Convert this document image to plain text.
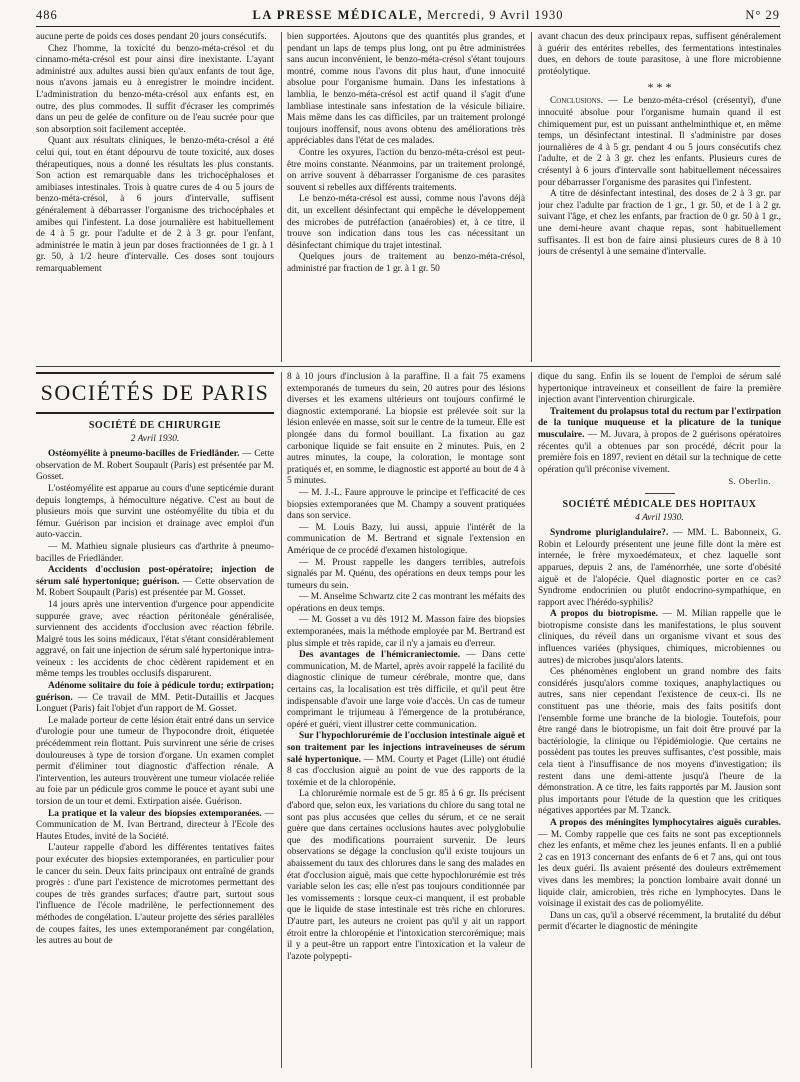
486	LA PRESSE MÉDICALE, Mercredi, 9 Avril 1930	N° 29

aucune perte de poids ces doses pendant 20 jours consécutifs.

Chez l'homme, la toxicité du benzo-méta-crésol et du cinnamo-méta-crésol est pour ainsi dire inexistante. L'ayant administré aux adultes aussi bien qu'aux enfants de tout âge, nous n'avons jamais eu à enregistrer le moindre incident. L'administration du benzo-méta-crésol aux enfants est, en outre, des plus commodes. Il suffit d'écraser les comprimés dans un peu de gelée de confiture ou de l'eau sucrée pour que son absorption soit facilement acceptée.

Quant aux résultats cliniques, le benzo-méta-crésol a été celui qui, tout en étant dépourvu de toute toxicité, aux doses thérapeutiques, nous a donné les résultats les plus constants. Son action est remarquable dans les trichocéphaloses et amibiases intestinales. Trois à quatre cures de 4 ou 5 jours de benzo-méta-crésol, à 6 jours d'intervalle, suffisent généralement à débarrasser l'organisme des trichocéphales et amibes qui l'infestent. La dose journalière est habituellement de 4 à 5 gr. pour l'adulte et de 2 à 3 gr. pour l'enfant, administrée le matin à jeun par doses fractionnées de 1 gr. à 1 gr. 50, à 1/2 heure d'intervalle. Ces doses sont toujours remarquablement

bien supportées. Ajoutons que des quantités plus grandes, et pendant un laps de temps plus long, ont pu être administrées sans aucun inconvénient, le benzo-méta-crésol s'étant toujours montré, comme nous l'avons dit plus haut, d'une innocuité absolue pour l'organisme humain. Dans les infestations à lamblia, le benzo-méta-crésol est actif quand il s'agit d'une lambliase intestinale sans infestation de la vésicule biliaire. Mais même dans les cas difficiles, par un traitement prolongé toujours inoffensif, nous avons obtenu des améliorations très appréciables dans l'état de ces malades.

Contre les oxyures, l'action du benzo-méta-crésol est peut-être moins constante. Néanmoins, par un traitement prolongé, on arrive souvent à débarrasser l'organisme de ces parasites souvent si rebelles aux différents traitements.

Le benzo-méta-crésol est aussi, comme nous l'avons déjà dit, un excellent désinfectant qui empêche le développement des microbes de putréfaction (anaérobies) et, à ce titre, il trouve son indication dans tous les cas nécessitant un désinfectant chimique du trajet intestinal.

Quelques jours de traitement au benzo-méta-crésol, administré par fraction de 1 gr. à 1 gr. 50

avant chacun des deux principaux repas, suffisent généralement à guérir des entérites rebelles, des fermentations intestinales dues, en dehors de toute parasitose, à une flore microbienne protéolytique.

* * *

Conclusions. — Le benzo-méta-crésol (crésentyl), d'une innocuité absolue pour l'organisme humain quand il est chimiquement pur, est un puissant anthelminthique et, en même temps, un désinfectant intestinal. Il s'administre par doses journalières de 4 à 5 gr. pendant 4 ou 5 jours consécutifs chez l'adulte, et de 2 à 3 gr. chez les enfants. Plusieurs cures de crésentyl à 6 jours d'intervalle sont habituellement nécessaires pour débarrasser l'organisme des parasites qui l'infestent.

A titre de désinfectant intestinal, des doses de 2 à 3 gr. par jour chez l'adulte par fraction de 1 gr., 1 gr. 50, et de 1 à 2 gr. suivant l'âge, et chez les enfants, par fraction de 0 gr. 50 à 1 gr., une demi-heure avant chaque repas, sont habituellement suffisantes. Il est bon de faire ainsi plusieurs cures de 8 à 10 jours de crésentyl à une semaine d'intervalle.

SOCIÉTÉS DE PARIS
SOCIÉTÉ DE CHIRURGIE
2 Avril 1930.

Ostéomyélite à pneumo-bacilles de Friedländer. — Cette observation de M. Robert Soupault (Paris) est présentée par M. Gosset.

L'ostéomyélite est apparue au cours d'une septicémie durant depuis longtemps, à hémoculture négative. C'est au bout de plusieurs mois que survint une ostéomyélite du tibia et du fémur. Guérison par incision et drainage avec emploi d'un auto-vaccin.

— M. Mathieu signale plusieurs cas d'arthrite à pneumo-bacilles de Friedländer.

Accidents d'occlusion post-opératoire; injection de sérum salé hypertonique; guérison. — Cette observation de M. Robert Soupault (Paris) est présentée par M. Gosset.

14 jours après une intervention d'urgence pour appendicite suppurée grave, avec réaction péritonéale généralisée, surviennent des accidents d'occlusion avec réaction fébrile. Malgré tous les soins médicaux, l'état s'étant considérablement aggravé, on fait une injection de sérum salé hypertonique intra-veineux : les accidents de choc cèdèrent rapidement et en même temps les troubles occlusifs disparurent.

Adénome solitaire du foie à pédicule tordu; extirpation; guérison. — Ce travail de MM. Petit-Dutaillis et Jacques Longuet (Paris) fait l'objet d'un rapport de M. Gosset.

Le malade porteur de cette lésion était entré dans un service d'urologie pour une tumeur de l'hypocondre droit, étiquetée précédemment rein flottant. Puis survinrent une série de crises douloureuses à type de torsion d'organe. Un examen complet permit d'éliminer tout diagnostic d'affection rénale. A l'intervention, les auteurs trouvèrent une tumeur violacée reliée au foie par un pédicule gros comme le pouce et ayant subi une torsion de un tour et demi. Extirpation aisée. Guérison.

La pratique et la valeur des biopsies extemporanées. — Communication de M. Ivan Bertrand, directeur à l'Ecole des Hautes Etudes, invité de la Société.

L'auteur rappelle d'abord les différentes tentatives faites pour exécuter des biopsies extemporanées, en particulier pour le cancer du sein. Deux faits principaux ont entraîné de grands progrès : d'une part l'existence de microtomes permettant des coupes de très grandes surfaces; d'autre part, surtout sous l'influence de l'école madrilène, le perfectionnement des méthodes de congélation. L'auteur projette des séries parallèles de coupes faites, les unes extemporanément par congélation, les autres au bout de

8 à 10 jours d'inclusion à la paraffine. Il a fait 75 examens extemporanés de tumeurs du sein, 20 autres pour des lésions diverses et les examens ultérieurs ont toujours confirmé le diagnostic extemporané. La biopsie est prélevée soit sur la lésion enlevée en masse, soit sur le centre de la tumeur. Elle est plongée dans du formol bouillant. La fixation au gaz carbonique liquide se fait ensuite en 2 minutes. Puis, en 2 autres minutes, la coupe, la coloration, le montage sont pratiqués et, en somme, le diagnostic est apporté au bout de 4 à 5 minutes.

— M. J.-L. Faure approuve le principe et l'efficacité de ces biopsies extemporanées que M. Champy a souvent pratiquées dans son service.

— M. Louis Bazy, lui aussi, appuie l'intérêt de la communication de M. Bertrand et signale l'extension en Amérique de ce procédé d'examen histologique.

— M. Proust rappelle les dangers terribles, autrefois signalés par M. Quénu, des opérations en deux temps pour les tumeurs du sein.

— M. Anselme Schwartz cite 2 cas montrant les méfaits des opérations en deux temps.

— M. Gosset a vu dès 1912 M. Masson faire des biopsies extemporanées, mais la méthode employée par M. Bertrand est plus simple et très rapide, car il n'y a jamais eu d'erreur.

Des avantages de l'hémicraniectomie. — Dans cette communication, M. de Martel, après avoir rappelé la facilité du diagnostic clinique de tumeur cérébrale, montre que, dans certains cas, la localisation est très difficile, et qu'il peut être indispensable d'avoir une large voie d'accès. Un cas de tumeur comprimant le trijumeau à l'émergence de la protubérance, opéré et guéri, vient illustrer cette communication.

Sur l'hypochlorurémie de l'occlusion intestinale aiguë et son traitement par les injections intraveineuses de sérum salé hypertonique. — MM. Courty et Paget (Lille) ont étudié 8 cas d'occlusion aiguë au point de vue des rapports de la toxémie et de la chloropénie.

La chlorurémie normale est de 5 gr. 85 à 6 gr. Ils précisent d'abord que, selon eux, les variations du chlore du sang total ne sont pas plus accusées que celles du sérum, et ce ne serait guère que dans certaines occlusions hautes avec polyglobulie que des modifications pourraient survenir. De leurs observations se dégage la conclusion qu'il existe toujours un abaissement du taux des chlorures dans le sang des malades en état d'occlusion aiguë, mais que cette hypochlorurémie est très variable selon les cas; elle n'est pas toujours conditionnée par les vomissements : lorsque ceux-ci manquent, il est probable que le liquide de stase intestinale est très riche en chlorures. D'autre part, les auteurs ne croient pas qu'il y ait un rapport étroit entre la chloropénie et l'intoxication stercorémique; mais il y a peut-être un rapport entre l'intoxication et la valeur de l'azote polypepti-

dique du sang. Enfin ils se louent de l'emploi de sérum salé hypertonique intraveineux et conseillent de faire la première injection avant l'intervention chirurgicale.

Traitement du prolapsus total du rectum par l'extirpation de la tunique muqueuse et la plicature de la tunique musculaire. — M. Juvara, à propos de 2 guérisons opératoires récentes qu'il a obtenues par son procédé, décrit pour la première fois en 1897, revient en détail sur la technique de cette opération qu'il préconise vivement.

S. Oberlin.
SOCIÉTÉ MÉDICALE DES HOPITAUX
4 Avril 1930.

Syndrome pluriglandulaire?. — MM. L. Babonneix, G. Robin et Lelourdy présentent une jeune fille dont la mère est internée, le frère myxoedémateux, et chez laquelle sont apparues, depuis 2 ans, de l'aménorrhée, une sorte d'obésité aiguë et de l'alopécie. Quel diagnostic porter en ce cas? Syndrome endocrinien ou plutôt endocrino-sympathique, en rapport avec l'hérédo-syphilis?

A propos du biotropisme. — M. Milian rappelle que le biotropisme consiste dans les manifestations, le plus souvent cliniques, du réveil dans un organisme vivant et sous des influences variées (physiques, chimiques, microbiennes ou autres) de microbes jusqu'alors latents.

Ces phénomènes englobent un grand nombre des faits considérés jusqu'alors comme toxiques, anaphylactiques ou autres, sans nier cependant l'existence de ceux-ci. Ils ne constituent pas une théorie, mais des faits positifs dont l'ensemble forme une branche de la biologie. Toutefois, pour être rangé dans le biotropisme, un fait doit être prouvé par la bactériologie, la clinique ou l'épidémiologie. Que certains ne possèdent pas toutes les preuves suffisantes, c'est possible, mais cela tient à l'insuffisance de nos moyens d'investigation; ils restent dans une demi-attente jusqu'à l'heure de la démonstration. A ce titre, les faits rapportés par M. Jausion sont plus importants pour l'étude de la question que les critiques négatives apportées par M. Tzanck.

A propos des méningites lymphocytaires aiguës curables. — M. Comby rappelle que ces faits ne sont pas exceptionnels chez les enfants, et même chez les jeunes enfants. Il en a publié 2 cas en 1913 concernant des enfants de 6 et 7 ans, qui ont tous les deux guéri. Ils avaient présenté des douleurs extrêmement vives dans les membres; la ponction lombaire avait donné un liquide clair, amicrobien, très riche en lymphocytes. Dans le voisinage il existait des cas de poliomyélite.

Dans un cas, qu'il a observé récemment, la brutalité du début permit d'écarter le diagnostic de méningite
